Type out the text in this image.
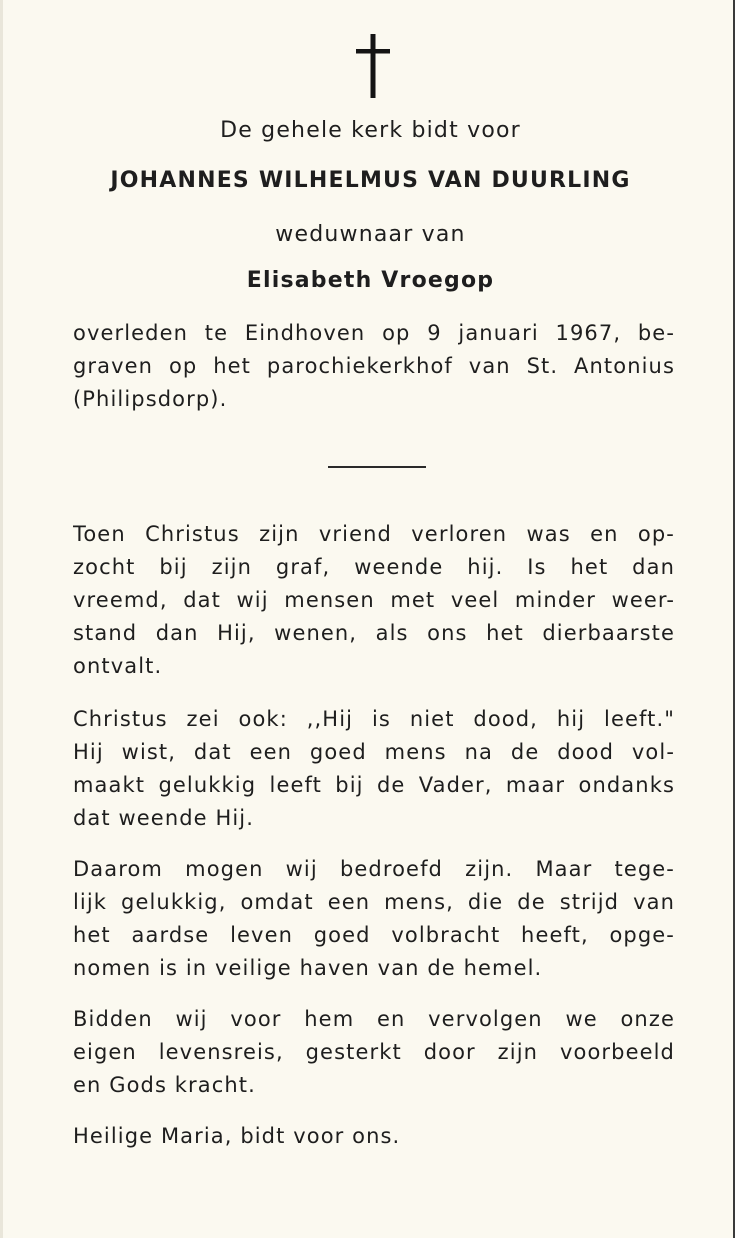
De gehele kerk bidt voor
JOHANNES WILHELMUS VAN DUURLING
weduwnaar van
Elisabeth Vroegop
overleden te Eindhoven op 9 januari 1967, be-
graven op het parochiekerkhof van St. Antonius
(Philipsdorp).
Toen Christus zijn vriend verloren was en op-
zocht bij zijn graf, weende hij. Is het dan
vreemd, dat wij mensen met veel minder weer-
stand dan Hij, wenen, als ons het dierbaarste
ontvalt.
Christus zei ook: ,,Hij is niet dood, hij leeft."
Hij wist, dat een goed mens na de dood vol-
maakt gelukkig leeft bij de Vader, maar ondanks
dat weende Hij.
Daarom mogen wij bedroefd zijn. Maar tege-
lijk gelukkig, omdat een mens, die de strijd van
het aardse leven goed volbracht heeft, opge-
nomen is in veilige haven van de hemel.
Bidden wij voor hem en vervolgen we onze
eigen levensreis, gesterkt door zijn voorbeeld
en Gods kracht.
Heilige Maria, bidt voor ons.
